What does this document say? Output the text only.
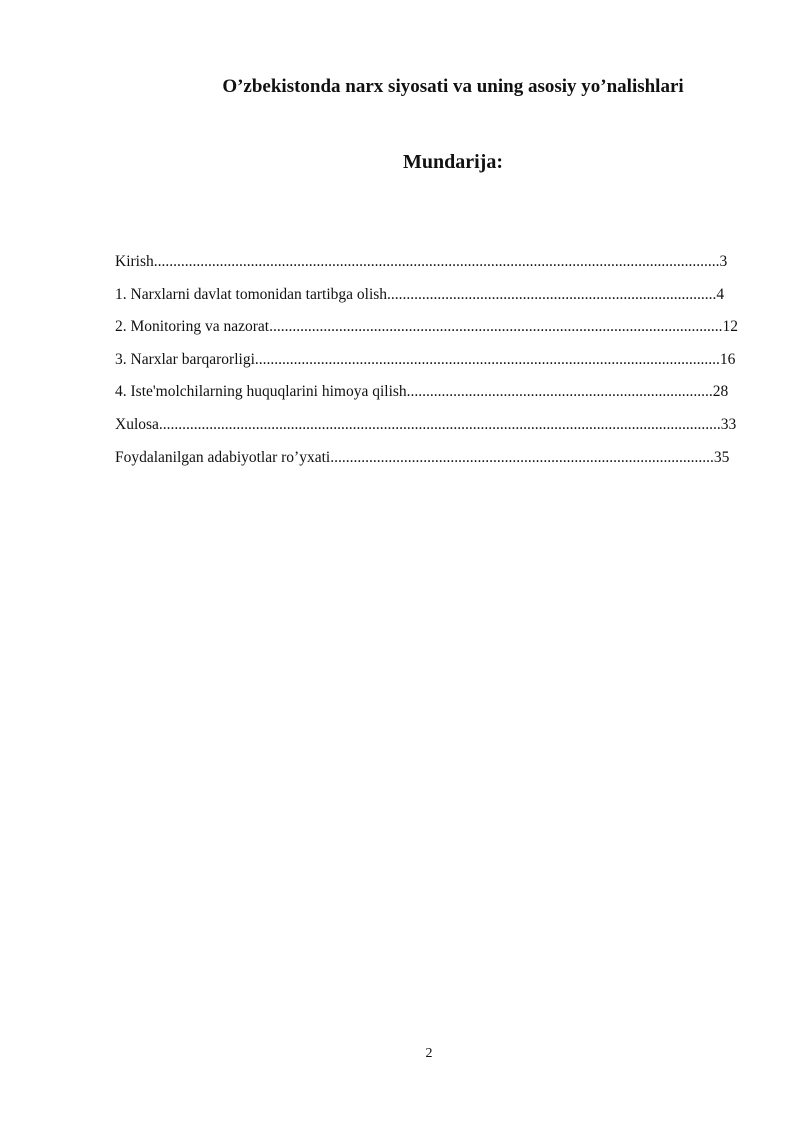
O’zbekistonda narx siyosati va uning asosiy yo’nalishlari
Mundarija:
Kirish..................................................................................................................................................3
1. Narxlarni davlat tomonidan tartibga olish.....................................................................................4
2. Monitoring va nazorat.....................................................................................................................12
3. Narxlar barqarorligi........................................................................................................................16
4. Iste'molchilarning huquqlarini himoya qilish...............................................................................28
Xulosa.................................................................................................................................................33
Foydalanilgan adabiyotlar ro’yxati...................................................................................................35

2
